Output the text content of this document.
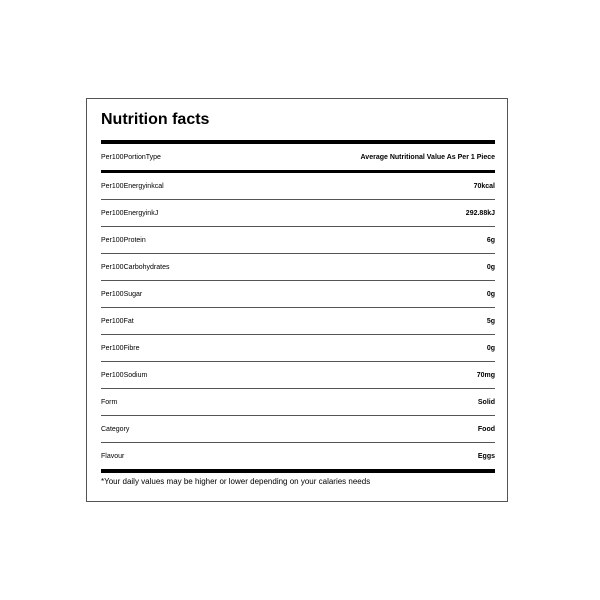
Nutrition facts
Per100PortionType	Average Nutritional Value As Per 1 Piece
Per100Energyinkcal	70kcal
Per100EnergyinkJ	292.88kJ
Per100Protein	6g
Per100Carbohydrates	0g
Per100Sugar	0g
Per100Fat	5g
Per100Fibre	0g
Per100Sodium	70mg
Form	Solid
Category	Food
Flavour	Eggs
*Your daily values may be higher or lower depending on your calaries needs
